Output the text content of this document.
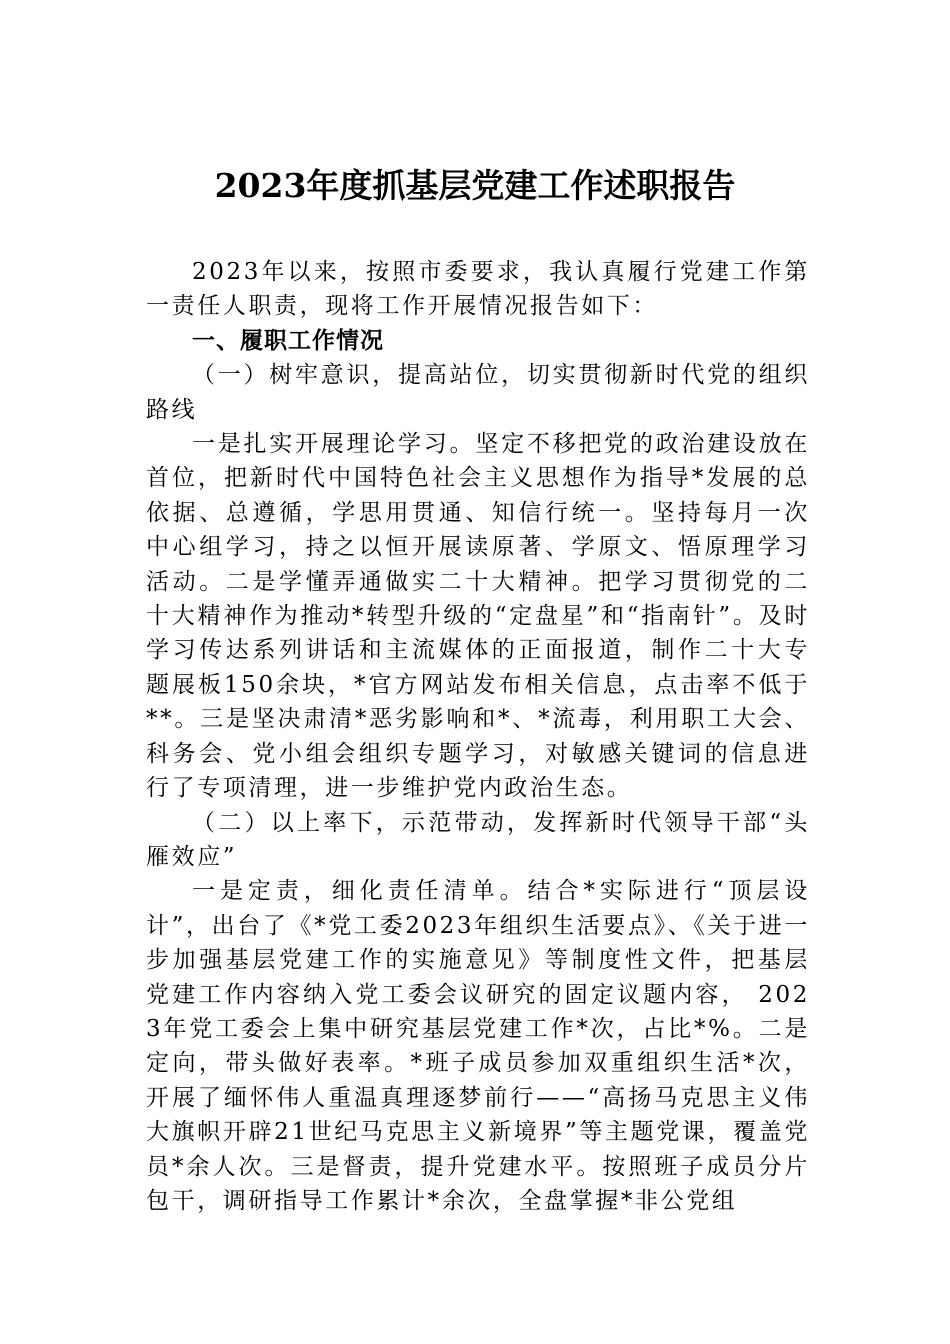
2023年度抓基层党建工作述职报告

2023年以来，按照市委要求，我认真履行党建工作第一责任人职责，现将工作开展情况报告如下：

一、履职工作情况

（一）树牢意识，提高站位，切实贯彻新时代党的组织路线

一是扎实开展理论学习。坚定不移把党的政治建设放在首位，把新时代中国特色社会主义思想作为指导*发展的总依据、总遵循，学思用贯通、知信行统一。坚持每月一次中心组学习，持之以恒开展读原著、学原文、悟原理学习活动。二是学懂弄通做实二十大精神。把学习贯彻党的二十大精神作为推动*转型升级的“定盘星”和“指南针”。及时学习传达系列讲话和主流媒体的正面报道，制作二十大专题展板150余块，*官方网站发布相关信息，点击率不低于**。三是坚决肃清*恶劣影响和*、*流毒，利用职工大会、科务会、党小组会组织专题学习，对敏感关键词的信息进行了专项清理，进一步维护党内政治生态。

（二）以上率下，示范带动，发挥新时代领导干部“头雁效应”

一是定责，细化责任清单。结合*实际进行“顶层设计”，出台了《*党工委2023年组织生活要点》、《关于进一步加强基层党建工作的实施意见》等制度性文件，把基层党建工作内容纳入党工委会议研究的固定议题内容， 2023年党工委会上集中研究基层党建工作*次，占比*%。二是定向，带头做好表率。*班子成员参加双重组织生活*次，开展了缅怀伟人重温真理逐梦前行——“高扬马克思主义伟大旗帜开辟21世纪马克思主义新境界”等主题党课，覆盖党员*余人次。三是督责，提升党建水平。按照班子成员分片包干，调研指导工作累计*余次，全盘掌握*非公党组
